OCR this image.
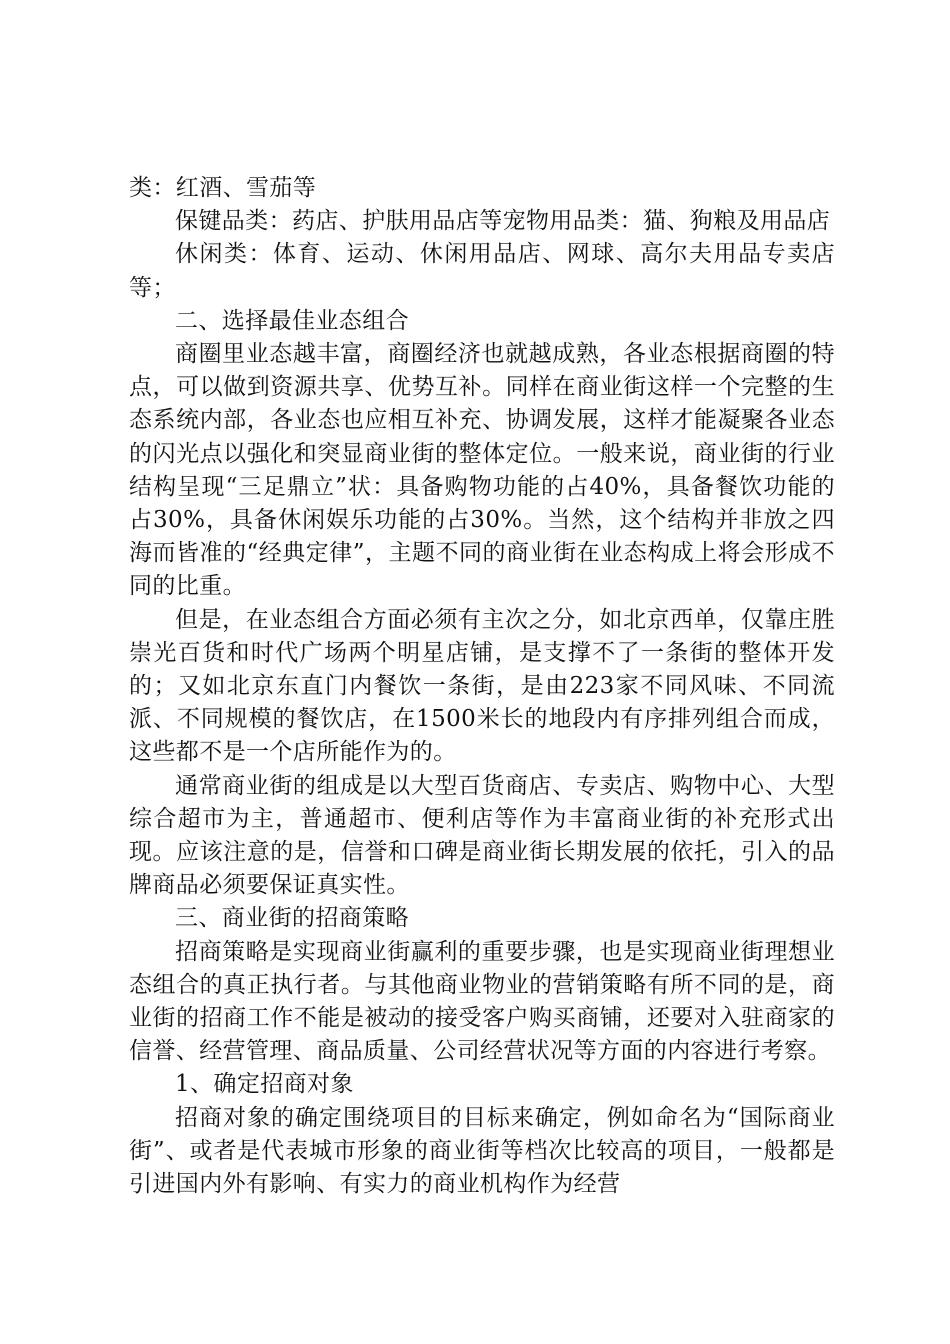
类：红酒、雪茄等

保键品类：药店、护肤用品店等宠物用品类：猫、狗粮及用品店

休闲类：体育、运动、休闲用品店、网球、高尔夫用品专卖店等；

二、选择最佳业态组合

商圈里业态越丰富，商圈经济也就越成熟，各业态根据商圈的特点，可以做到资源共享、优势互补。同样在商业街这样一个完整的生态系统内部，各业态也应相互补充、协调发展，这样才能凝聚各业态的闪光点以强化和突显商业街的整体定位。一般来说，商业街的行业结构呈现“三足鼎立”状：具备购物功能的占40%，具备餐饮功能的占30%，具备休闲娱乐功能的占30%。当然，这个结构并非放之四海而皆准的“经典定律”，主题不同的商业街在业态构成上将会形成不同的比重。

但是，在业态组合方面必须有主次之分，如北京西单，仅靠庄胜崇光百货和时代广场两个明星店铺，是支撑不了一条街的整体开发的；又如北京东直门内餐饮一条街，是由223家不同风味、不同流派、不同规模的餐饮店，在1500米长的地段内有序排列组合而成，这些都不是一个店所能作为的。

通常商业街的组成是以大型百货商店、专卖店、购物中心、大型综合超市为主，普通超市、便利店等作为丰富商业街的补充形式出现。应该注意的是，信誉和口碑是商业街长期发展的依托，引入的品牌商品必须要保证真实性。

三、商业街的招商策略

招商策略是实现商业街赢利的重要步骤，也是实现商业街理想业态组合的真正执行者。与其他商业物业的营销策略有所不同的是，商业街的招商工作不能是被动的接受客户购买商铺，还要对入驻商家的信誉、经营管理、商品质量、公司经营状况等方面的内容进行考察。

1、确定招商对象

招商对象的确定围绕项目的目标来确定，例如命名为“国际商业街”、或者是代表城市形象的商业街等档次比较高的项目，一般都是引进国内外有影响、有实力的商业机构作为经营
